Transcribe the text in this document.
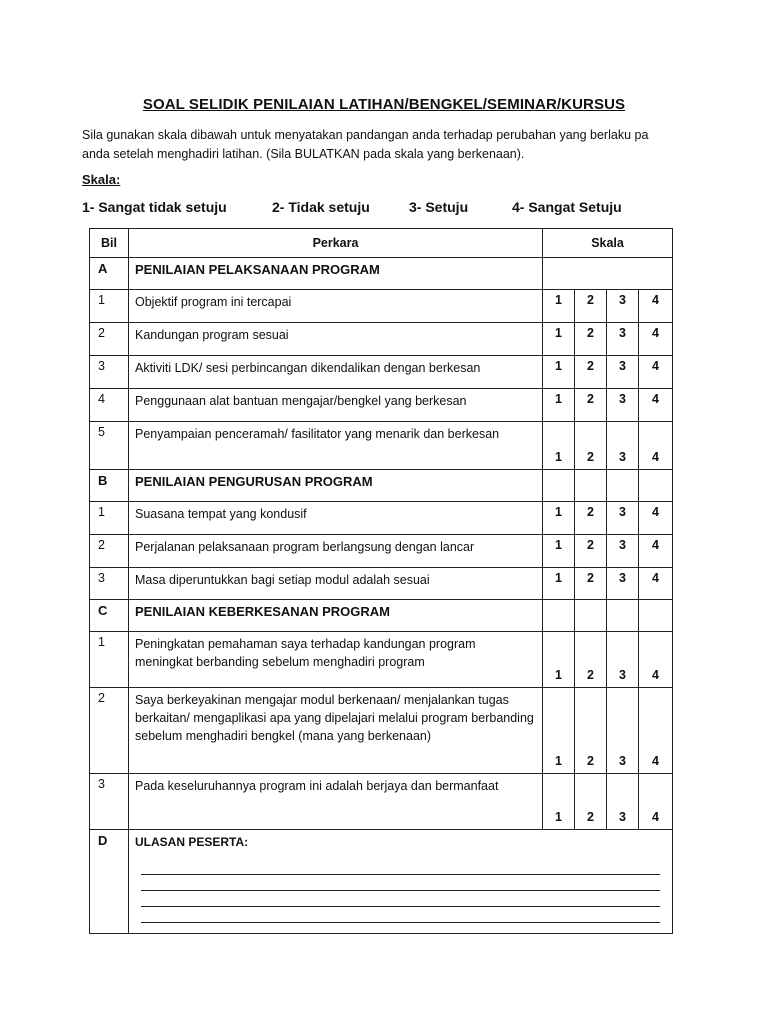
SOAL SELIDIK PENILAIAN LATIHAN/BENGKEL/SEMINAR/KURSUS
Sila gunakan skala dibawah untuk menyatakan pandangan anda terhadap perubahan yang berlaku pa
anda setelah menghadiri latihan. (Sila BULATKAN pada skala yang berkenaan).
Skala:
1- Sangat tidak setuju	2- Tidak setuju	3- Setuju	4- Sangat Setuju
Bil	Perkara	Skala			
A	PENILAIAN PELAKSANAAN PROGRAM				
1	Objektif program ini tercapai	1	2	3	4
2	Kandungan program sesuai	1	2	3	4
3	Aktiviti LDK/ sesi perbincangan dikendalikan dengan berkesan	1	2	3	4
4	Penggunaan alat bantuan mengajar/bengkel yang berkesan	1	2	3	4
5	Penyampaian penceramah/ fasilitator yang menarik dan berkesan	1	2	3	4
B	PENILAIAN PENGURUSAN PROGRAM				
1	Suasana tempat yang kondusif	1	2	3	4
2	Perjalanan pelaksanaan program berlangsung dengan lancar	1	2	3	4
3	Masa diperuntukkan bagi setiap modul adalah sesuai	1	2	3	4
C	PENILAIAN KEBERKESANAN PROGRAM				
1	Peningkatan pemahaman saya terhadap kandungan program meningkat berbanding sebelum menghadiri program	1	2	3	4
2	Saya berkeyakinan mengajar modul berkenaan/ menjalankan tugas berkaitan/ mengaplikasi apa yang dipelajari melalui program berbanding sebelum menghadiri bengkel (mana yang berkenaan)	1	2	3	4
3	Pada keseluruhannya program ini adalah berjaya dan bermanfaat	1	2	3	4
D	ULASAN PESERTA:				
